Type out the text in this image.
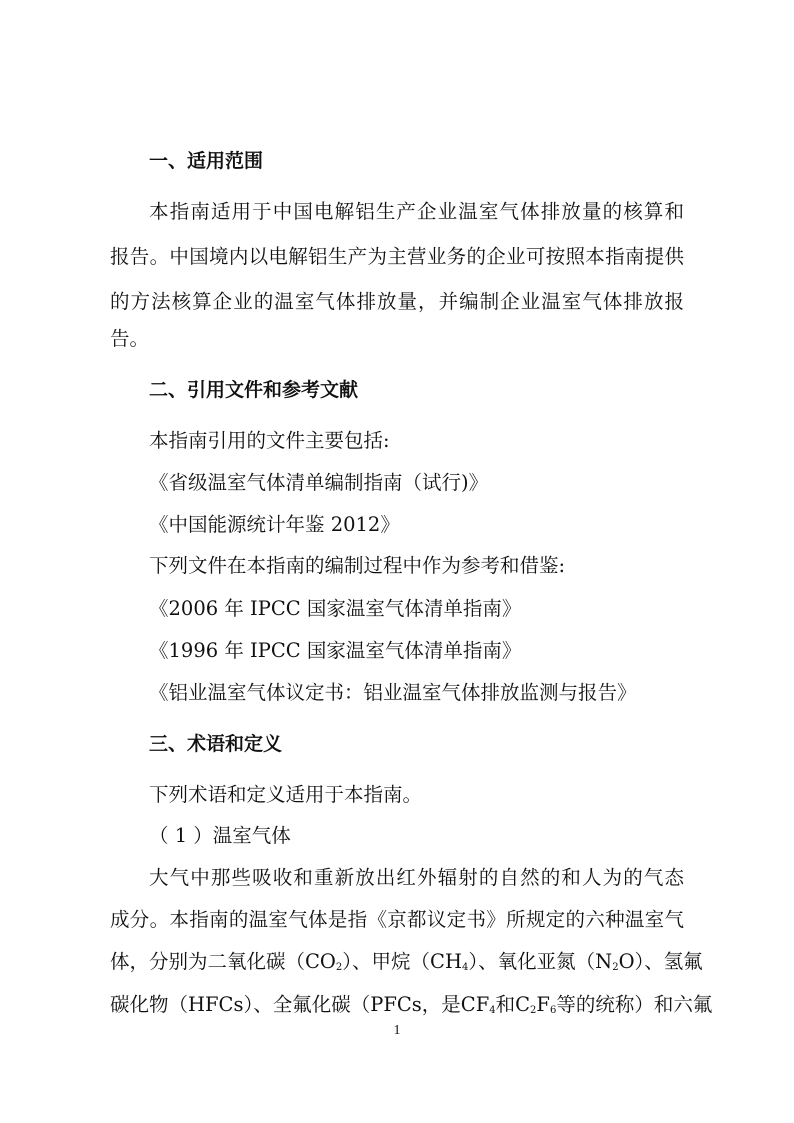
一、适用范围
本指南适用于中国电解铝生产企业温室气体排放量的核算和
报告。中国境内以电解铝生产为主营业务的企业可按照本指南提供
的方法核算企业的温室气体排放量，并编制企业温室气体排放报
告。
二、引用文件和参考文献
本指南引用的文件主要包括:
《省级温室气体清单编制指南（试行)》
《中国能源统计年鉴 2012》
下列文件在本指南的编制过程中作为参考和借鉴:
《2006 年 IPCC 国家温室气体清单指南》
《1996 年 IPCC 国家温室气体清单指南》
《铝业温室气体议定书：铝业温室气体排放监测与报告》
三、术语和定义
下列术语和定义适用于本指南。
（ 1 ）温室气体
大气中那些吸收和重新放出红外辐射的自然的和人为的气态
成分。本指南的温室气体是指《京都议定书》所规定的六种温室气
体，分别为二氧化碳$(CO_2)$、甲烷$(CH_4)$、氧化亚氮$(N_2O)$、氢氟
碳化物（HFCs）、全氟化碳（PFCs，是$CF_4$和$C_2F_6$等的统称）和六氟
1
